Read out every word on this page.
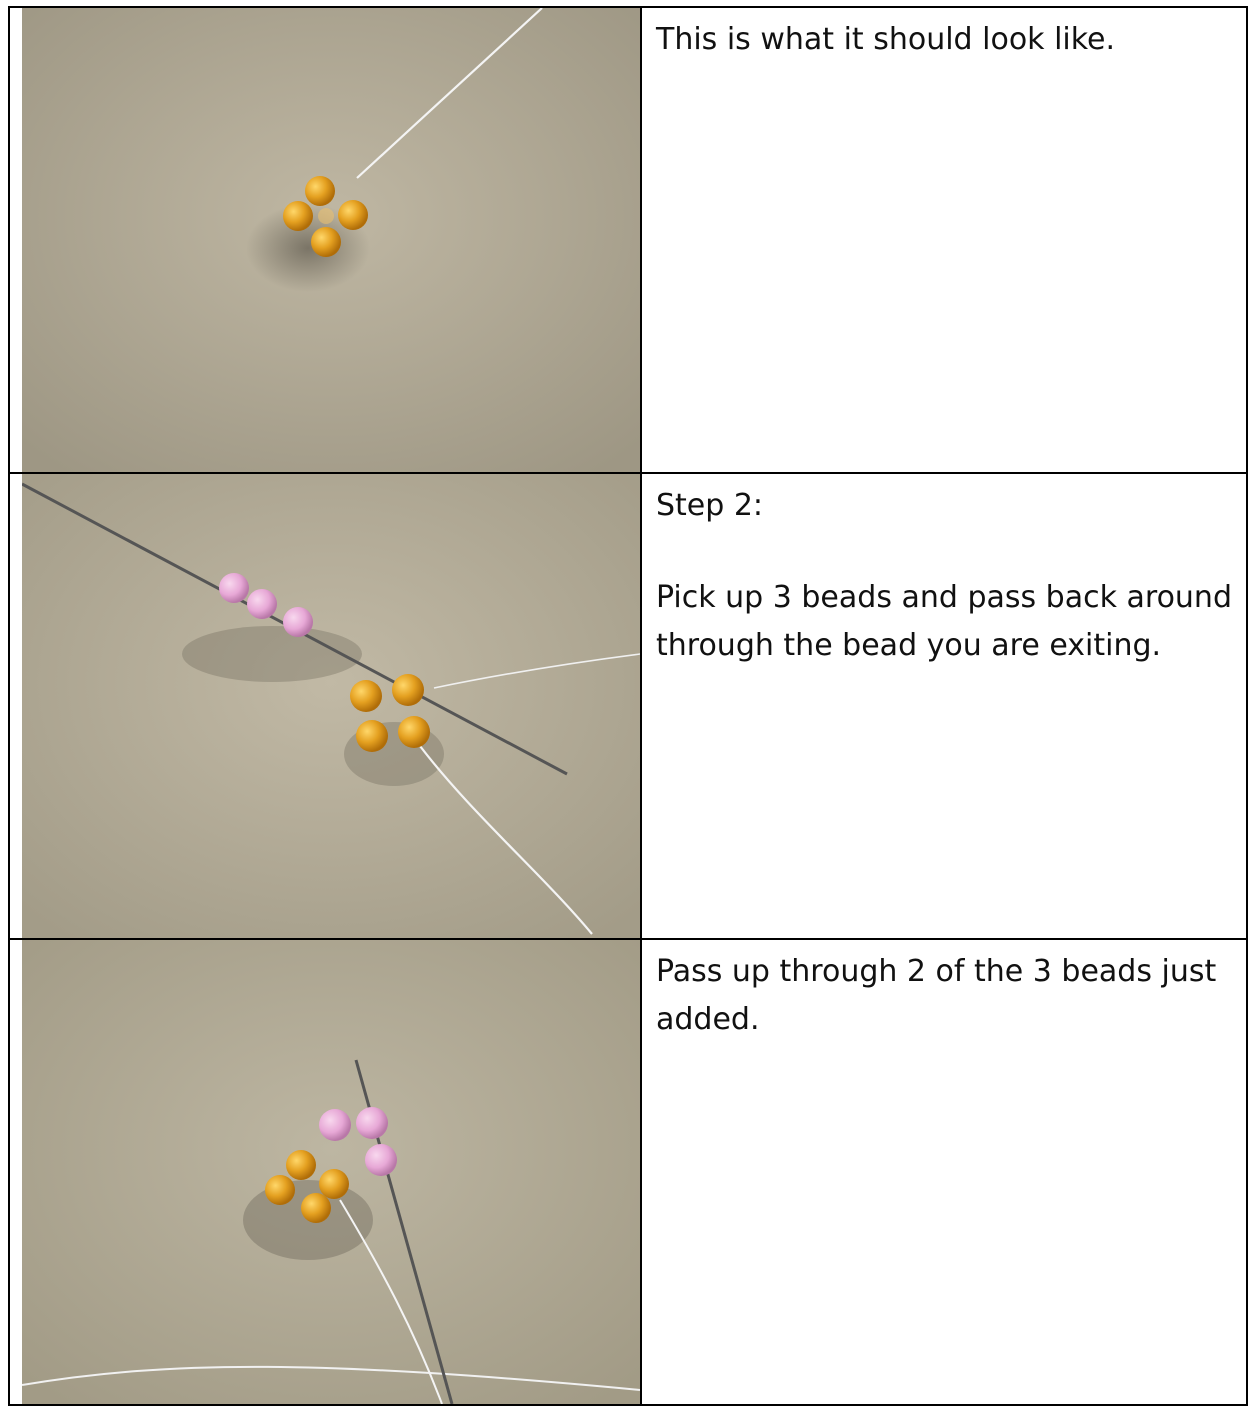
This is what it should look like.

Step 2:

Pick up 3 beads and pass back around through the bead you are exiting.

Pass up through 2 of the 3 beads just added.
